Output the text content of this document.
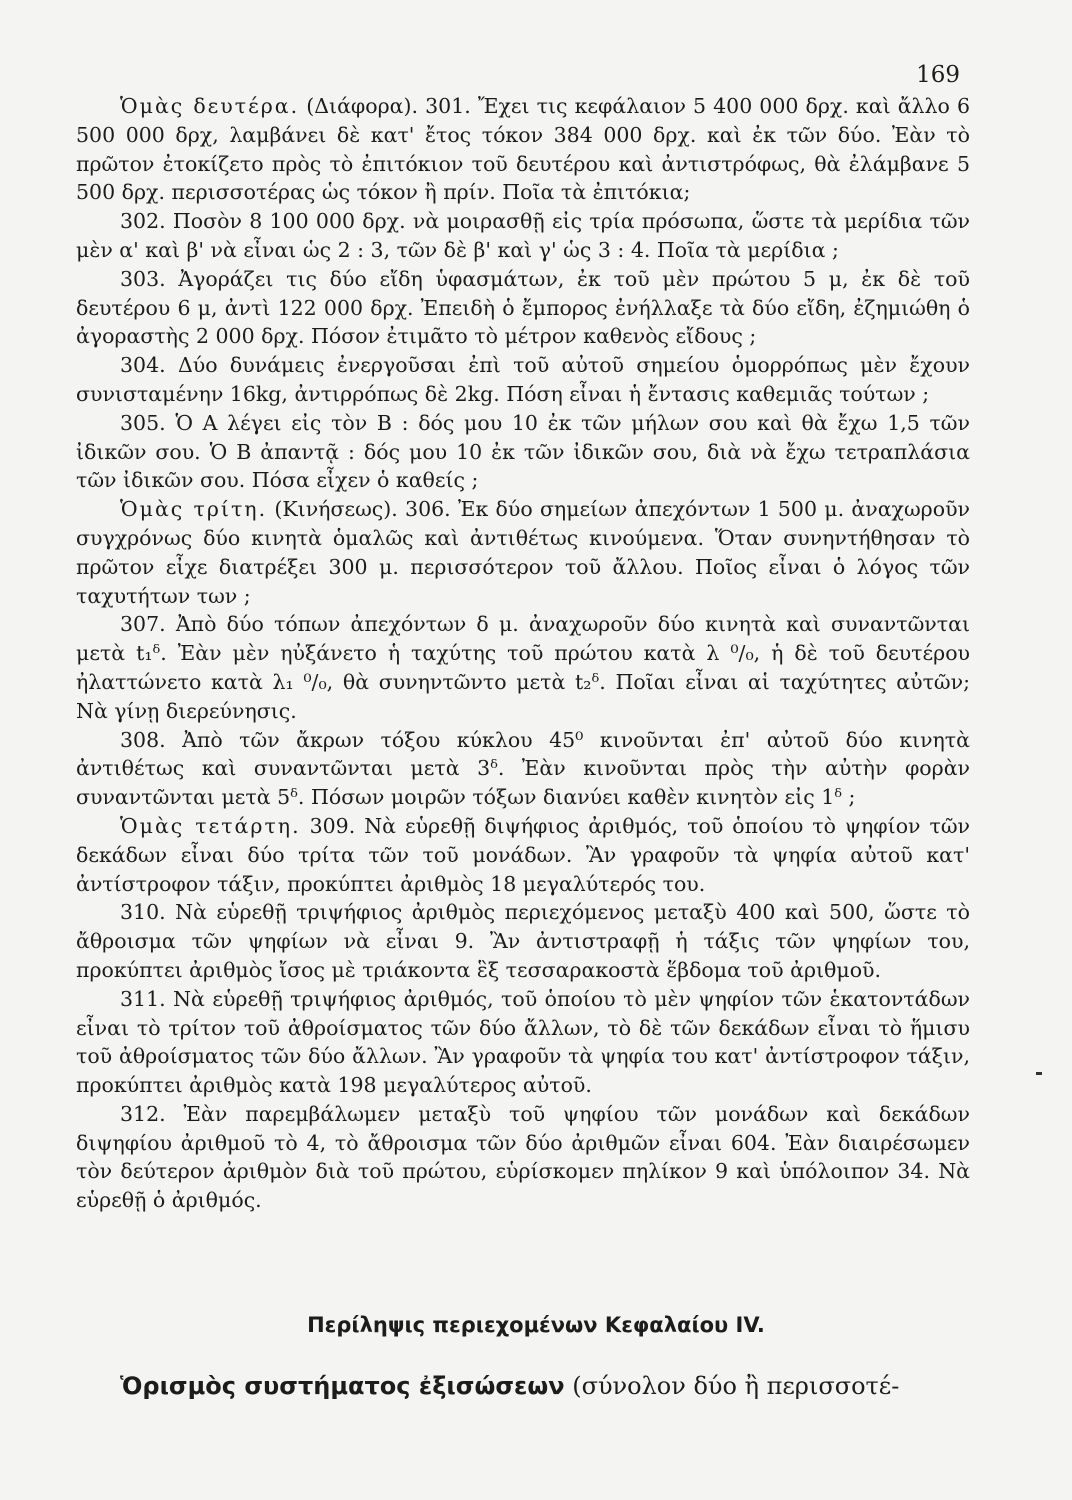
169

Ὁμὰς δευτέρα. (Διάφορα). 301. Ἔχει τις κεφάλαιον 5 400 000 δρχ. καὶ ἄλλο 6 500 000 δρχ, λαμβάνει δὲ κατ' ἔτος τόκον 384 000 δρχ. καὶ ἐκ τῶν δύο. Ἐὰν τὸ πρῶτον ἐτοκίζετο πρὸς τὸ ἐπιτόκιον τοῦ δευτέρου καὶ ἀντιστρόφως, θὰ ἐλάμβανε 5 500 δρχ. περισσοτέρας ὡς τόκον ἢ πρίν. Ποῖα τὰ ἐπιτόκια;

302. Ποσὸν 8 100 000 δρχ. νὰ μοιρασθῇ εἰς τρία πρόσωπα, ὥστε τὰ μερίδια τῶν μὲν α' καὶ β' νὰ εἶναι ὡς 2 : 3, τῶν δὲ β' καὶ γ' ὡς 3 : 4. Ποῖα τὰ μερίδια ;

303. Ἀγοράζει τις δύο εἴδη ὑφασμάτων, ἐκ τοῦ μὲν πρώτου 5 μ, ἐκ δὲ τοῦ δευτέρου 6 μ, ἀντὶ 122 000 δρχ. Ἐπειδὴ ὁ ἔμπορος ἐνήλλαξε τὰ δύο εἴδη, ἐζημιώθη ὁ ἀγοραστὴς 2 000 δρχ. Πόσον ἐτιμᾶτο τὸ μέτρον καθενὸς εἴδους ;

304. Δύο δυνάμεις ἐνεργοῦσαι ἐπὶ τοῦ αὐτοῦ σημείου ὁμορρόπως μὲν ἔχουν συνισταμένην 16kg, ἀντιρρόπως δὲ 2kg. Πόση εἶναι ἡ ἔντασις καθεμιᾶς τούτων ;

305. Ὁ Α λέγει εἰς τὸν Β : δός μου 10 ἐκ τῶν μήλων σου καὶ θὰ ἔχω 1,5 τῶν ἰδικῶν σου. Ὁ Β ἀπαντᾷ : δός μου 10 ἐκ τῶν ἰδικῶν σου, διὰ νὰ ἔχω τετραπλάσια τῶν ἰδικῶν σου. Πόσα εἶχεν ὁ καθείς ;

Ὁμὰς τρίτη. (Κινήσεως). 306. Ἐκ δύο σημείων ἀπεχόντων 1 500 μ. ἀναχωροῦν συγχρόνως δύο κινητὰ ὁμαλῶς καὶ ἀντιθέτως κινούμενα. Ὅταν συνηντήθησαν τὸ πρῶτον εἶχε διατρέξει 300 μ. περισσότερον τοῦ ἄλλου. Ποῖος εἶναι ὁ λόγος τῶν ταχυτήτων των ;

307. Ἀπὸ δύο τόπων ἀπεχόντων δ μ. ἀναχωροῦν δύο κινητὰ καὶ συναντῶνται μετὰ t₁ᵟ. Ἐὰν μὲν ηὐξάνετο ἡ ταχύτης τοῦ πρώτου κατὰ λ ⁰/₀, ἡ δὲ τοῦ δευτέρου ἠλαττώνετο κατὰ λ₁ ⁰/₀, θὰ συνηντῶντο μετὰ t₂ᵟ. Ποῖαι εἶναι αἱ ταχύτητες αὐτῶν; Νὰ γίνῃ διερεύνησις.

308. Ἀπὸ τῶν ἄκρων τόξου κύκλου 45⁰ κινοῦνται ἐπ' αὐτοῦ δύο κινητὰ ἀντιθέτως καὶ συναντῶνται μετὰ 3ᵟ. Ἐὰν κινοῦνται πρὸς τὴν αὐτὴν φορὰν συναντῶνται μετὰ 5ᵟ. Πόσων μοιρῶν τόξων διανύει καθὲν κινητὸν εἰς 1ᵟ ;

Ὁμὰς τετάρτη. 309. Νὰ εὑρεθῇ διψήφιος ἀριθμός, τοῦ ὁποίου τὸ ψηφίον τῶν δεκάδων εἶναι δύο τρίτα τῶν τοῦ μονάδων. Ἂν γραφοῦν τὰ ψηφία αὐτοῦ κατ' ἀντίστροφον τάξιν, προκύπτει ἀριθμὸς 18 μεγαλύτερός του.

310. Νὰ εὑρεθῇ τριψήφιος ἀριθμὸς περιεχόμενος μεταξὺ 400 καὶ 500, ὥστε τὸ ἄθροισμα τῶν ψηφίων νὰ εἶναι 9. Ἂν ἀντιστραφῇ ἡ τάξις τῶν ψηφίων του, προκύπτει ἀριθμὸς ἴσος μὲ τριάκοντα ἓξ τεσσαρακοστὰ ἕβδομα τοῦ ἀριθμοῦ.

311. Νὰ εὑρεθῇ τριψήφιος ἀριθμός, τοῦ ὁποίου τὸ μὲν ψηφίον τῶν ἑκατοντάδων εἶναι τὸ τρίτον τοῦ ἀθροίσματος τῶν δύο ἄλλων, τὸ δὲ τῶν δεκάδων εἶναι τὸ ἥμισυ τοῦ ἀθροίσματος τῶν δύο ἄλλων. Ἂν γραφοῦν τὰ ψηφία του κατ' ἀντίστροφον τάξιν, προκύπτει ἀριθμὸς κατὰ 198 μεγαλύτερος αὐτοῦ.

312. Ἐὰν παρεμβάλωμεν μεταξὺ τοῦ ψηφίου τῶν μονάδων καὶ δεκάδων διψηφίου ἀριθμοῦ τὸ 4, τὸ ἄθροισμα τῶν δύο ἀριθμῶν εἶναι 604. Ἐὰν διαιρέσωμεν τὸν δεύτερον ἀριθμὸν διὰ τοῦ πρώτου, εὑρίσκομεν πηλίκον 9 καὶ ὑπόλοιπον 34. Νὰ εὑρεθῇ ὁ ἀριθμός.

Περίληψις περιεχομένων Κεφαλαίου IV.
Ὁρισμὸς συστήματος ἐξισώσεων (σύνολον δύο ἢ περισσοτέ-
